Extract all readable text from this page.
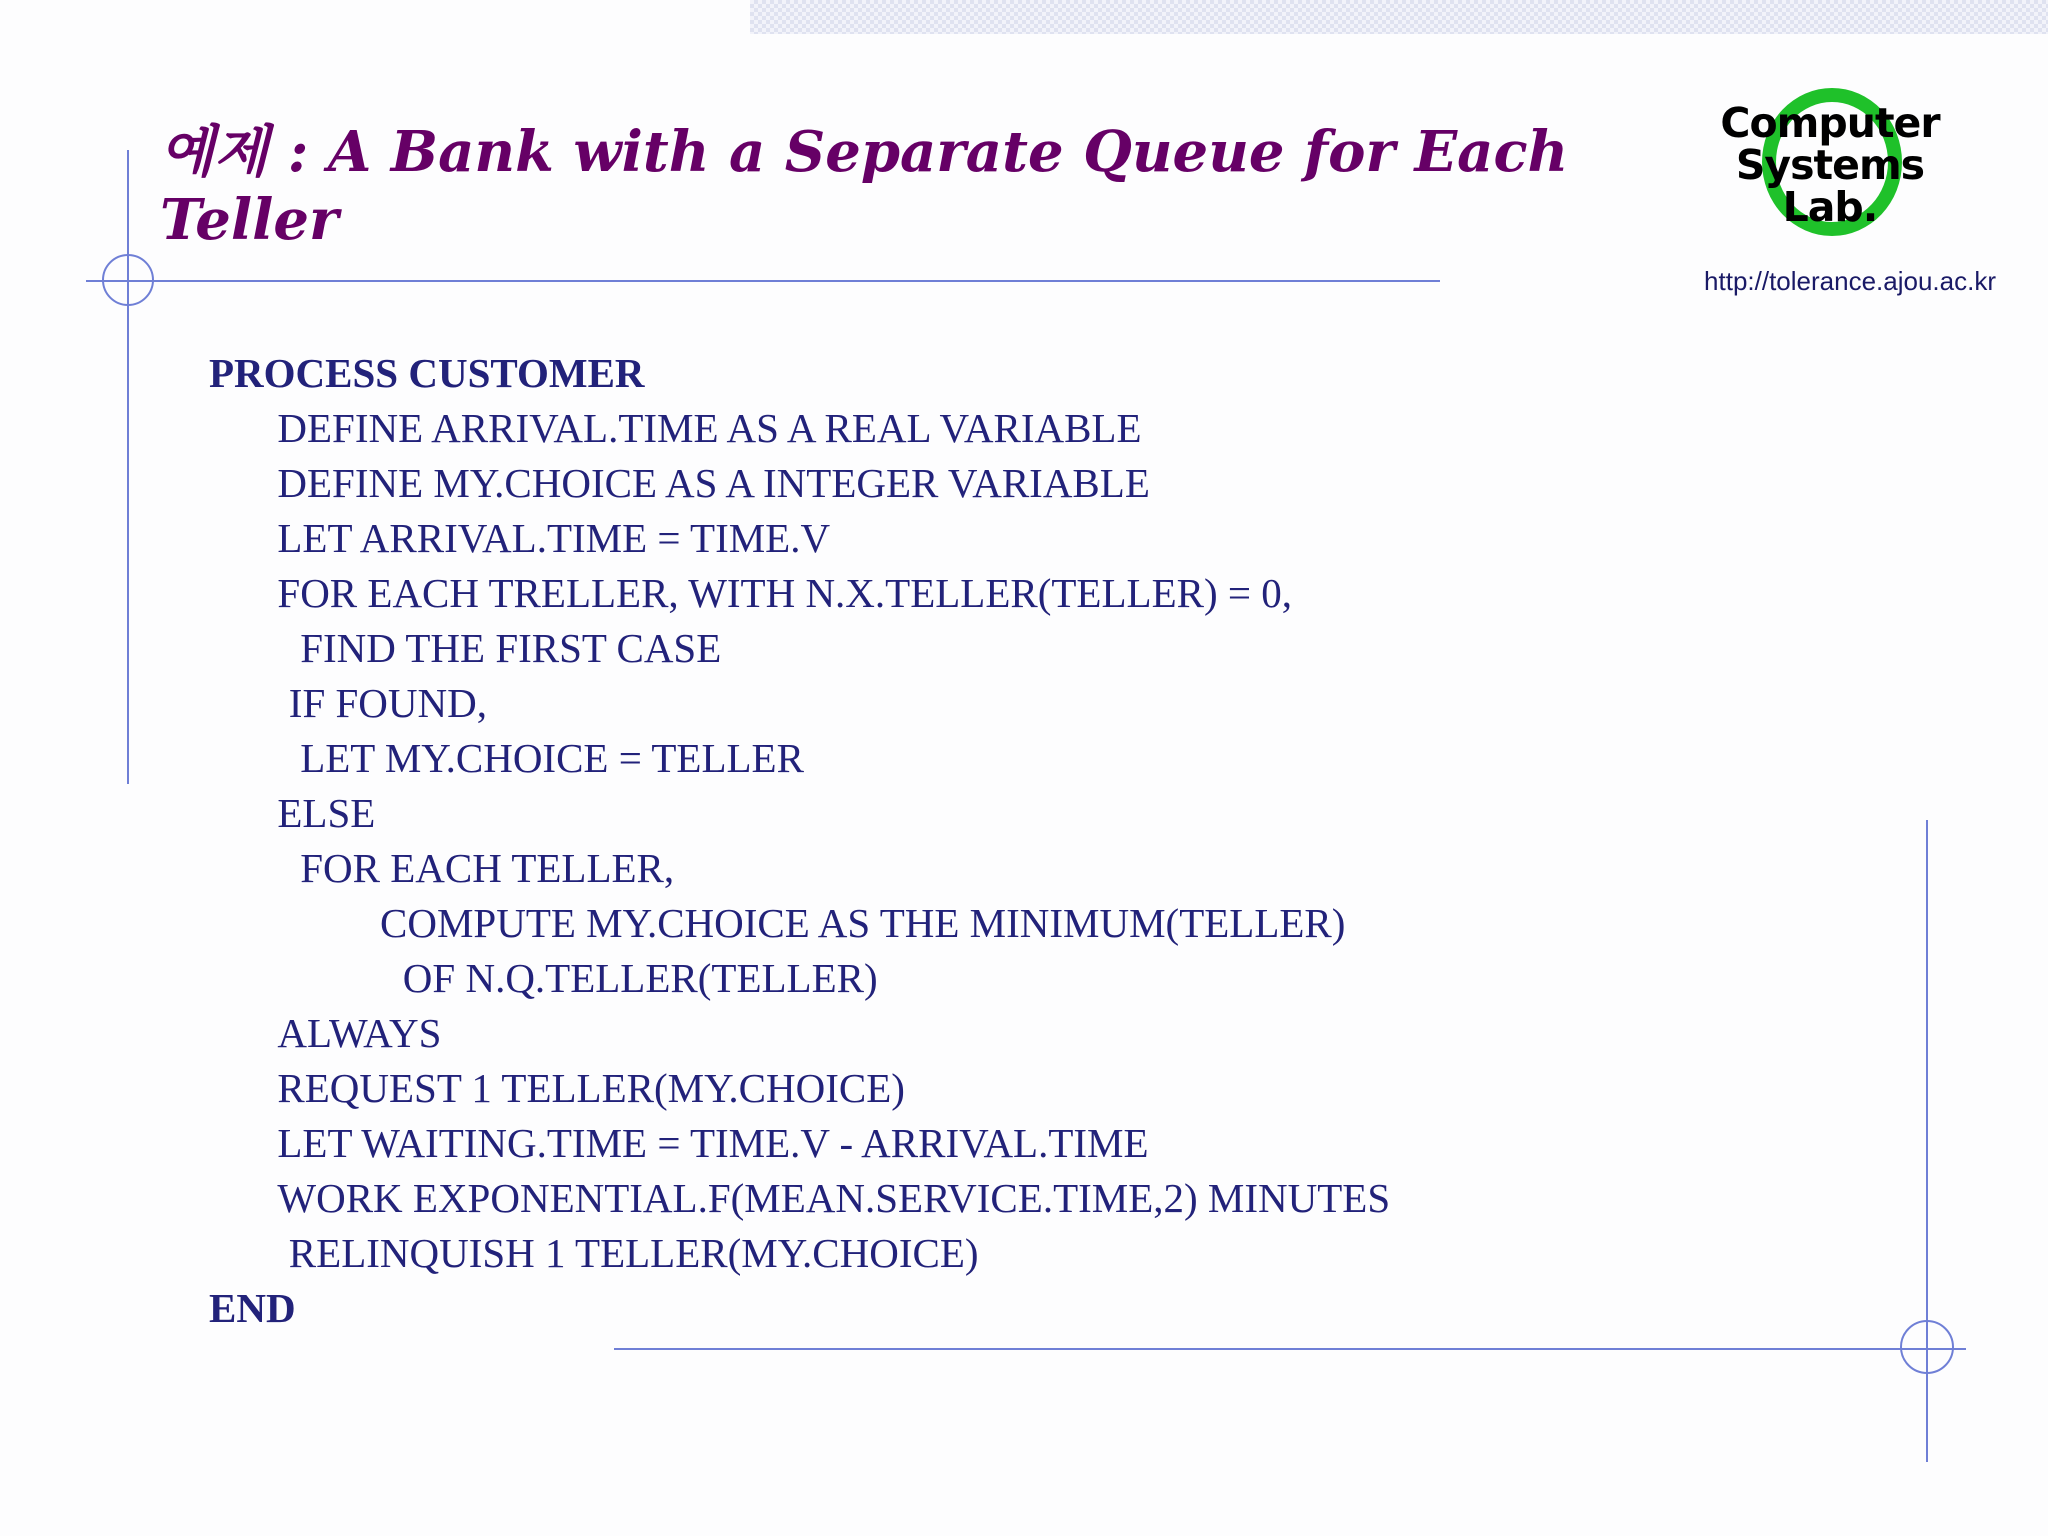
예제 : A Bank with a Separate Queue for Each Teller
Computer
Systems
Lab.
http://tolerance.ajou.ac.kr
PROCESS CUSTOMER
DEFINE ARRIVAL.TIME AS A REAL VARIABLE
DEFINE MY.CHOICE AS A INTEGER VARIABLE
LET ARRIVAL.TIME = TIME.V
FOR EACH TRELLER, WITH N.X.TELLER(TELLER) = 0,
FIND THE FIRST CASE
IF FOUND,
LET MY.CHOICE = TELLER
ELSE
FOR EACH TELLER,
COMPUTE MY.CHOICE AS THE MINIMUM(TELLER)
OF N.Q.TELLER(TELLER)
ALWAYS
REQUEST 1 TELLER(MY.CHOICE)
LET WAITING.TIME = TIME.V - ARRIVAL.TIME
WORK EXPONENTIAL.F(MEAN.SERVICE.TIME,2) MINUTES
RELINQUISH 1 TELLER(MY.CHOICE)
END
